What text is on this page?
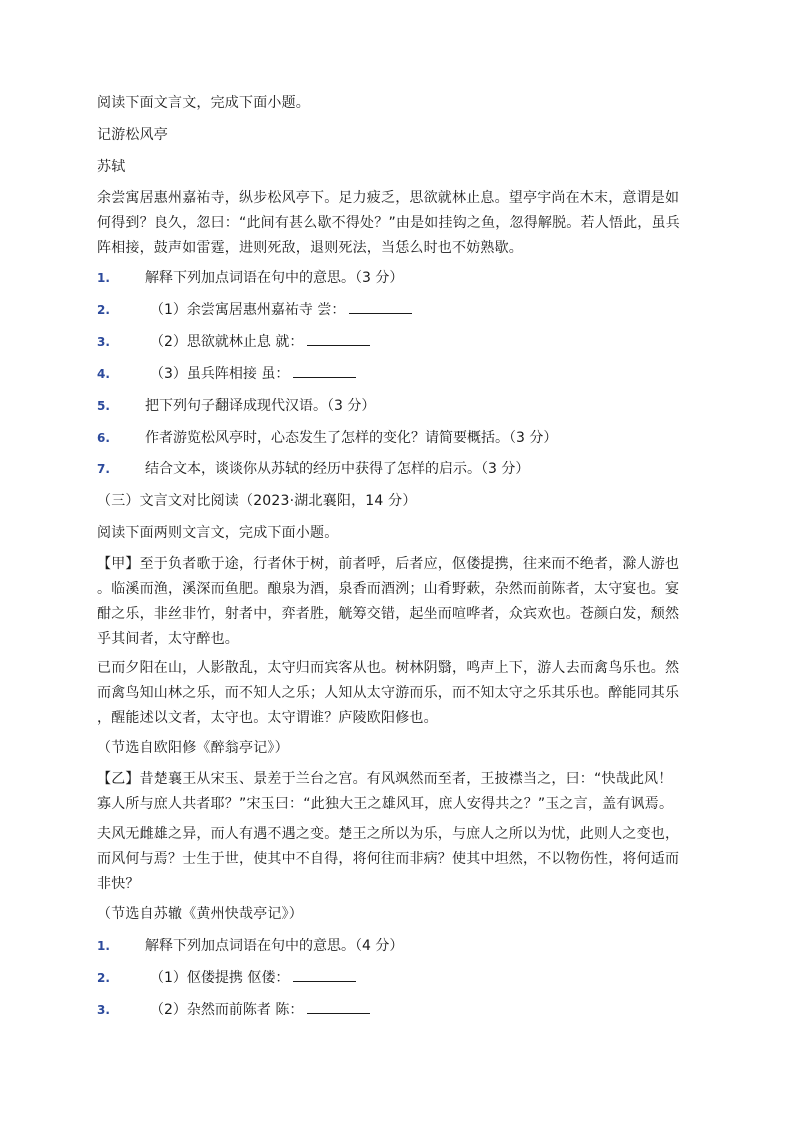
阅读下面文言文，完成下面小题。
记游松风亭
苏轼

余尝寓居惠州嘉祐寺，纵步松风亭下。足力疲乏，思欲就林止息。望亭宇尚在木末，意谓是如

何得到？良久，忽曰：“此间有甚么歇不得处？”由是如挂钩之鱼，忽得解脱。若人悟此，虽兵

阵相接，鼓声如雷霆，进则死敌，退则死法，当恁么时也不妨熟歇。

1.	解释下列加点词语在句中的意思。（3 分）
2.	（1）余尝寓居惠州嘉祐寺 尝：
3.	（2）思欲就林止息 就：
4.	（3）虽兵阵相接 虽：
5.	把下列句子翻译成现代汉语。（3 分）
6.	作者游览松风亭时，心态发生了怎样的变化？请简要概括。（3 分）
7.	结合文本，谈谈你从苏轼的经历中获得了怎样的启示。（3 分）
（三）文言文对比阅读（2023·湖北襄阳，14 分）
阅读下面两则文言文，完成下面小题。

【甲】至于负者歌于途，行者休于树，前者呼，后者应，伛偻提携，往来而不绝者，滁人游也

。临溪而渔，溪深而鱼肥。酿泉为酒，泉香而酒洌；山肴野蔌，杂然而前陈者，太守宴也。宴

酣之乐，非丝非竹，射者中，弈者胜，觥筹交错，起坐而喧哗者，众宾欢也。苍颜白发，颓然

乎其间者，太守醉也。

已而夕阳在山，人影散乱，太守归而宾客从也。树林阴翳，鸣声上下，游人去而禽鸟乐也。然

而禽鸟知山林之乐，而不知人之乐；人知从太守游而乐，而不知太守之乐其乐也。醉能同其乐

，醒能述以文者，太守也。太守谓谁？庐陵欧阳修也。

（节选自欧阳修《醉翁亭记》）

【乙】昔楚襄王从宋玉、景差于兰台之宫。有风飒然而至者，王披襟当之，曰：“快哉此风！

寡人所与庶人共者耶？”宋玉曰：“此独大王之雄风耳，庶人安得共之？”玉之言，盖有讽焉。

夫风无雌雄之异，而人有遇不遇之变。楚王之所以为乐，与庶人之所以为忧，此则人之变也，

而风何与焉？士生于世，使其中不自得，将何往而非病？使其中坦然，不以物伤性，将何适而

非快？

（节选自苏辙《黄州快哉亭记》）
1.	解释下列加点词语在句中的意思。（4 分）
2.	（1）伛偻提携 伛偻：
3.	（2）杂然而前陈者 陈：
